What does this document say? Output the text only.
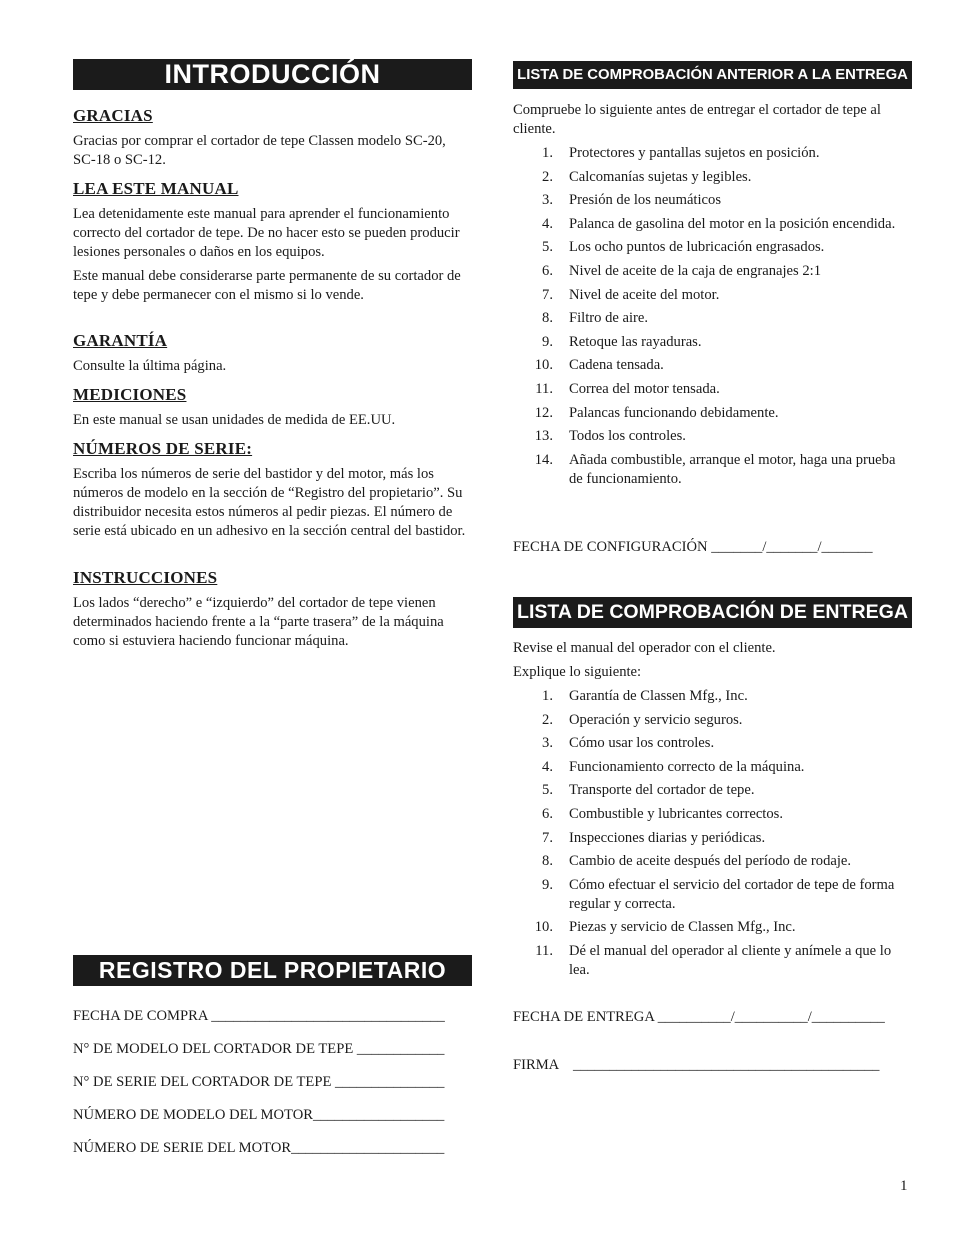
INTRODUCCIÓN
GRACIAS

Gracias por comprar el cortador de tepe Classen modelo SC-20, SC-18 o SC-12.

LEA ESTE MANUAL

Lea detenidamente este manual para aprender el funcionamiento correcto del cortador de tepe. De no hacer esto se pueden producir lesiones personales o daños en los equipos.

Este manual debe considerarse parte permanente de su cortador de tepe y debe permanecer con el mismo si lo vende.

GARANTÍA

Consulte la última página.

MEDICIONES

En este manual se usan unidades de medida de EE.UU.

NÚMEROS DE SERIE:

Escriba los números de serie del bastidor y del motor, más los números de modelo en la sección de “Registro del propietario”. Su distribuidor necesita estos números al pedir piezas. El número de serie está ubicado en un adhesivo en la sección central del bastidor.

INSTRUCCIONES

Los lados “derecho” e “izquierdo” del cortador de tepe vienen determinados haciendo frente a la “parte trasera” de la máquina como si estuviera haciendo funcionar máquina.

REGISTRO DEL PROPIETARIO
FECHA DE COMPRA ________________________________
N° DE MODELO DEL CORTADOR DE TEPE ____________
N° DE SERIE DEL CORTADOR DE TEPE _______________
NÚMERO DE MODELO DEL MOTOR__________________
NÚMERO DE SERIE DEL MOTOR_____________________
LISTA DE COMPROBACIÓN ANTERIOR A LA ENTREGA

Compruebe lo siguiente antes de entregar el cortador de tepe al cliente.

1. Protectores y pantallas sujetos en posición.
2. Calcomanías sujetas y legibles.
3. Presión de los neumáticos
4. Palanca de gasolina del motor en la posición encendida.
5. Los ocho puntos de lubricación engrasados.
6. Nivel de aceite de la caja de engranajes 2:1
7. Nivel de aceite del motor.
8. Filtro de aire.
9. Retoque las rayaduras.
10. Cadena tensada.
11. Correa del motor tensada.
12. Palancas funcionando debidamente.
13. Todos los controles.
14. Añada combustible, arranque el motor, haga una prueba de funcionamiento.
FECHA DE CONFIGURACIÓN _______/_______/_______
LISTA DE COMPROBACIÓN DE ENTREGA

Revise el manual del operador con el cliente.

Explique lo siguiente:

1. Garantía de Classen Mfg., Inc.
2. Operación y servicio seguros.
3. Cómo usar los controles.
4. Funcionamiento correcto de la máquina.
5. Transporte del cortador de tepe.
6. Combustible y lubricantes correctos.
7. Inspecciones diarias y periódicas.
8. Cambio de aceite después del período de rodaje.
9. Cómo efectuar el servicio del cortador de tepe de forma regular y correcta.
10. Piezas y servicio de Classen Mfg., Inc.
11. Dé el manual del operador al cliente y anímele a que lo lea.
FECHA DE ENTREGA __________/__________/__________
FIRMA    __________________________________________
1
